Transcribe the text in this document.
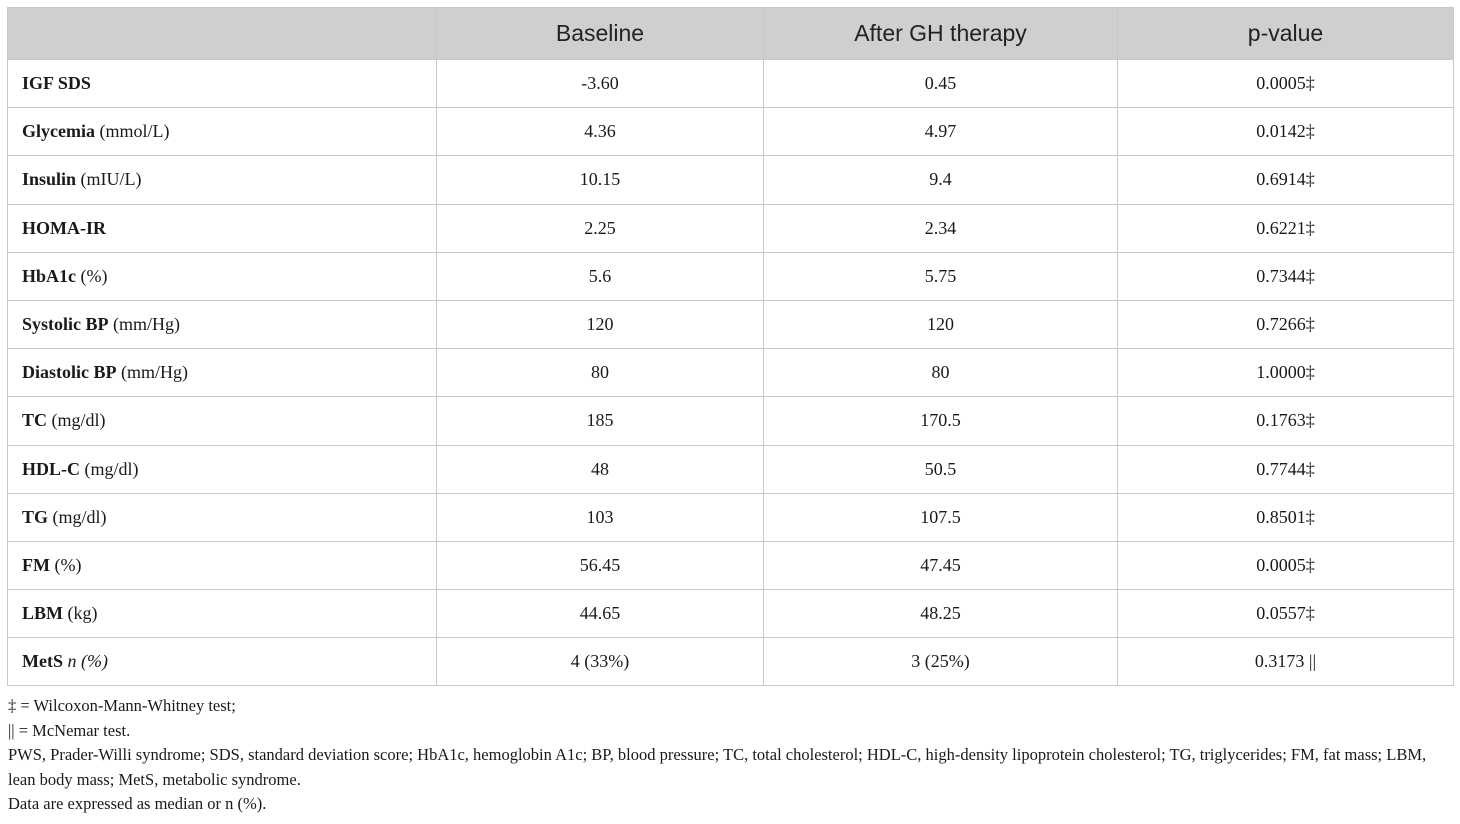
	Baseline	After GH therapy	p-value
IGF SDS	-3.60	0.45	0.0005‡
Glycemia (mmol/L)	4.36	4.97	0.0142‡
Insulin (mIU/L)	10.15	9.4	0.6914‡
HOMA-IR	2.25	2.34	0.6221‡
HbA1c (%)	5.6	5.75	0.7344‡
Systolic BP (mm/Hg)	120	120	0.7266‡
Diastolic BP (mm/Hg)	80	80	1.0000‡
TC (mg/dl)	185	170.5	0.1763‡
HDL-C (mg/dl)	48	50.5	0.7744‡
TG (mg/dl)	103	107.5	0.8501‡
FM (%)	56.45	47.45	0.0005‡
LBM (kg)	44.65	48.25	0.0557‡
MetS n (%)	4 (33%)	3 (25%)	0.3173 ||

‡ = Wilcoxon-Mann-Whitney test;

|| = McNemar test.

PWS, Prader-Willi syndrome; SDS, standard deviation score; HbA1c, hemoglobin A1c; BP, blood pressure; TC, total cholesterol; HDL-C, high-density lipoprotein cholesterol; TG, triglycerides; FM, fat mass; LBM, lean body mass; MetS, metabolic syndrome.

Data are expressed as median or n (%).
